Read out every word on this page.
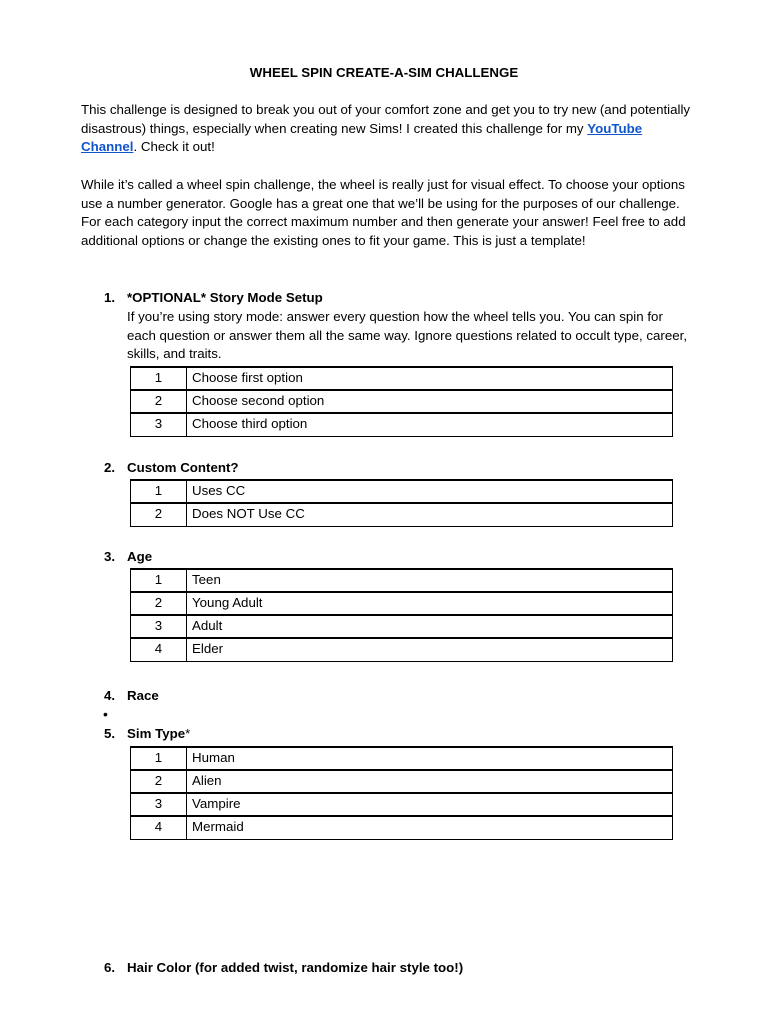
WHEEL SPIN CREATE-A-SIM CHALLENGE

This challenge is designed to break you out of your comfort zone and get you to try new (and potentially disastrous) things, especially when creating new Sims! I created this challenge for my YouTube Channel. Check it out!

While it’s called a wheel spin challenge, the wheel is really just for visual effect. To choose your options use a number generator. Google has a great one that we’ll be using for the purposes of our challenge. For each category input the correct maximum number and then generate your answer! Feel free to add additional options or change the existing ones to fit your game. This is just a template!

1. *OPTIONAL* Story Mode Setup

If you’re using story mode: answer every question how the wheel tells you. You can spin for each question or answer them all the same way. Ignore questions related to occult type, career, skills, and traits.

1	Choose first option
2	Choose second option
3	Choose third option
2. Custom Content?
1	Uses CC
2	Does NOT Use CC
3. Age
1	Teen
2	Young Adult
3	Adult
4	Elder
4. Race
•
5. Sim Type*
1	Human
2	Alien
3	Vampire
4	Mermaid
6. Hair Color (for added twist, randomize hair style too!)
